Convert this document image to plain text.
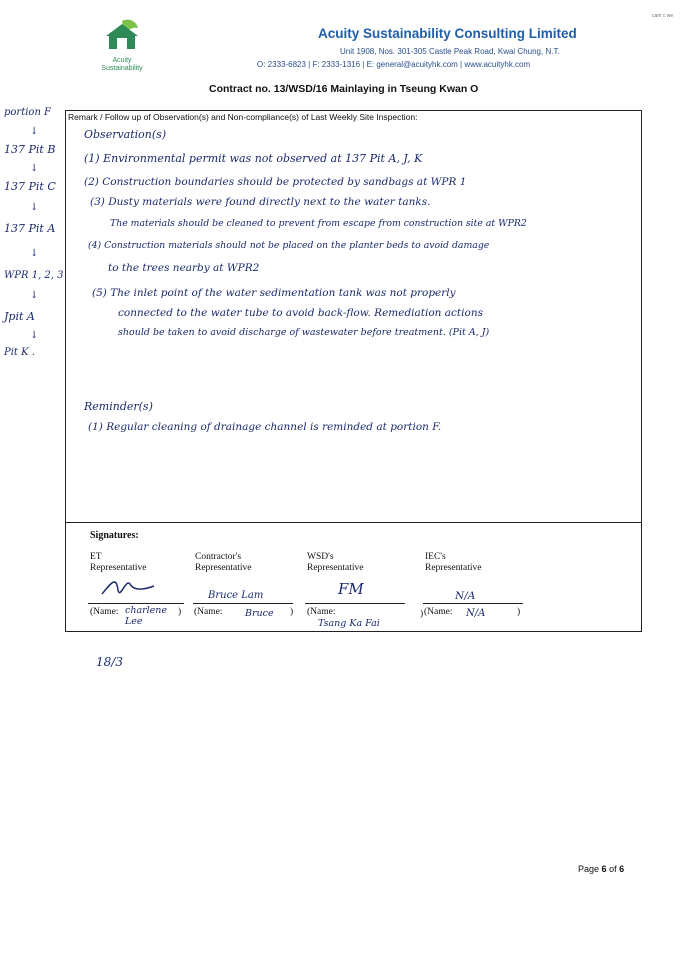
Acuity
Sustainability
Acuity Sustainability Consulting Limited
Unit 1908, Nos. 301-305 Castle Peak Road, Kwai Chung, N.T.
O: 2333-6823 | F: 2333-1316 | E: general@acuityhk.com | www.acuityhk.com
cam c we
Contract no. 13/WSD/16 Mainlaying in Tseung Kwan O
portion F
↓
137 Pit B
↓
137 Pit C
↓
137 Pit A
↓
WPR 1, 2, 3
↓
Jpit A
↓
Pit K .
Remark / Follow up of Observation(s) and Non-compliance(s) of Last Weekly Site Inspection:
Observation(s)
(1) Environmental permit was not observed at 137 Pit A, J, K
(2) Construction boundaries should be protected by sandbags at WPR 1
(3) Dusty materials were found directly next to the water tanks.
The materials should be cleaned to prevent from escape from construction site at WPR2
(4) Construction materials should not be placed on the planter beds to avoid damage
to the trees nearby at WPR2
(5) The inlet point of the water sedimentation tank was not properly
connected to the water tube to avoid back-flow. Remediation actions
should be taken to avoid discharge of wastewater before treatment. (Pit A, J)
Reminder(s)
(1) Regular cleaning of drainage channel is reminded at portion F.
Signatures:
ET
Representative
(Name: charlene Lee
)
Contractor's
Representative
Bruce Lam
(Name: Bruce )
WSD's
Representative
FM
(Name:
Tsang Ka Fai
)
IEC's
Representative
N/A
(Name: N/A	)
18/3
Page 6 of 6
